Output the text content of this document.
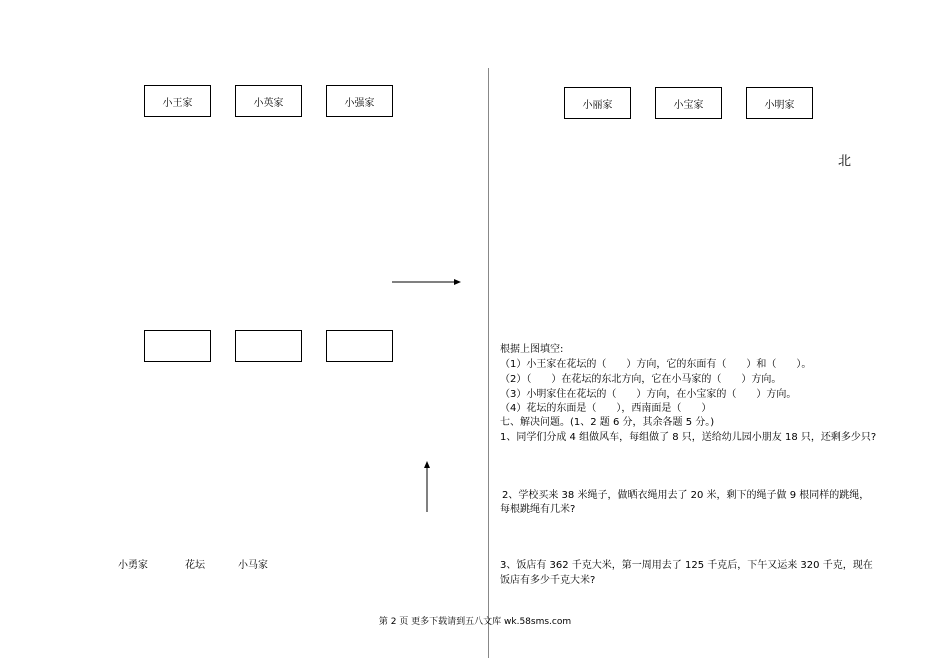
小王家	小英家	小强家	小丽家	小宝家	小明家
北
小勇家	花坛	小马家
根据上图填空:
（1）小王家在花坛的（　　）方向，它的东面有（　　）和（　　）。
（2）（　　）在花坛的东北方向，它在小马家的（　　）方向。
（3）小明家住在花坛的（　　）方向，在小宝家的（　　）方向。
（4）花坛的东面是（　　），西南面是（　　）
七、解决问题。(1、2 题 6 分，其余各题 5 分。)
1、同学们分成 4 组做风车，每组做了 8 只，送给幼儿园小朋友 18 只，还剩多少只?
2、学校买来 38 米绳子，做晒衣绳用去了 20 米，剩下的绳子做 9 根同样的跳绳，
每根跳绳有几米?
3、饭店有 362 千克大米，第一周用去了 125 千克后，下午又运来 320 千克，现在
饭店有多少千克大米?
第 2 页 更多下载请到五八文库 wk.58sms.com
